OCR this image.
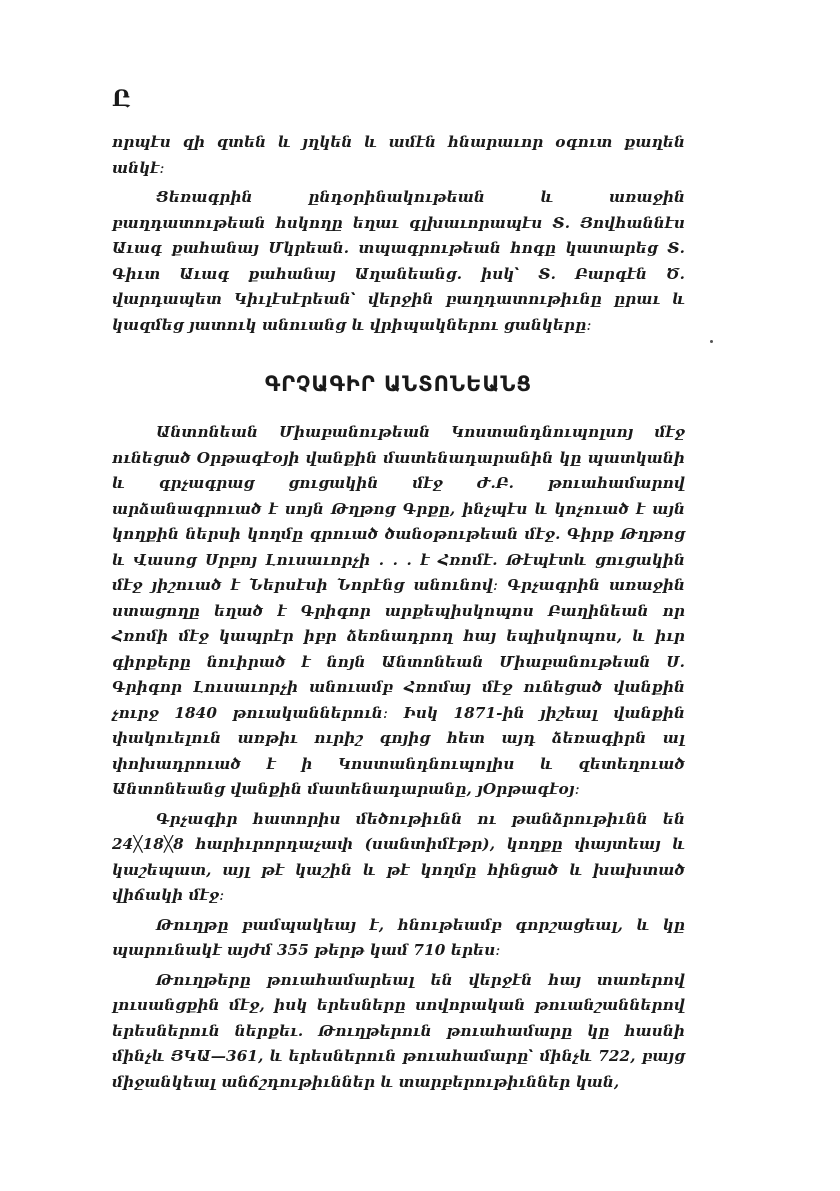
Ը

որպէս զի զտեն և յղկեն և ամէն հնարաւոր օգուտ քաղեն անկէ։

Ցեռագրին ընդօրինակութեան և առաջին բաղդատութեան հսկողը եղաւ գլխաւորապէս Տ. Յովհաննէս Աւագ քահանայ Մկրեան. տպագրութեան հոգը կատարեց Տ. Գիւտ Աւագ քահանայ Աղանեանց. իսկ՝ Տ. Բարգէն Ծ. վարդապետ Կիւլէսէրեան՝ վերջին բաղդատութիւնը ըրաւ և կազմեց յատուկ անուանց և վրիպակներու ցանկերը։

ԳՐՉԱԳԻՐ ԱՆՏՈՆԵԱՆՑ

Անտոնեան Միաբանութեան Կոստանդնուպոլսոյ մէջ ունեցած Օրթագէօյի վանքին մատենադարանին կը պատկանի և գրչագրաց ցուցակին մէջ Ժ.Բ. թուահամարով արձանագրուած է սոյն Թղթոց Գրքը, ինչպէս և կոչուած է այն կողքին ներսի կողմը գրուած ծանօթութեան մէջ. Գիրք Թղթոց և Վասոց Սրբոյ Լուսաւորչի . . . է Հռոմէ. Թէպէտև ցուցակին մէջ յիշուած է Ներսէսի Նորէնց անունով։ Գրչագրին առաջին ստացողը եղած է Գրիգոր արքեպիսկոպոս Բաղինեան որ Հռոմի մէջ կապրէր իբր ձեռնադրող հայ եպիսկոպոս, և իւր գիրքերը նուիրած է նոյն Անտոնեան Միաբանութեան Ս. Գրիգոր Լուսաւորչի անուամբ Հռոմայ մէջ ունեցած վանքին չուրջ 1840 թուականներուն։ Իսկ 1871-ին յիշեալ վանքին փակուելուն առթիւ ուրիշ գոյից հետ այդ ձեռագիրն ալ փոխադրուած է ի Կոստանդնուպոլիս և զետեղուած Անտոնեանց վանքին մատենադարանը, յՕրթագէօյ։

Գրչագիր հատորիս մեծութիւնն ու թանձրութիւնն են 24╳18╳8 հարիւրորդաչափ (սանտիմէթր), կողքը փայտեայ և կաշեպատ, այլ թէ կաշին և թէ կողմը հինցած և խախտած վիճակի մէջ։

Թուղթը բամպակեայ է, հնութեամբ գորշացեալ, և կը պարունակէ այժմ 355 թերթ կամ 710 երես։

Թուղթերը թուահամարեալ են վերջէն հայ տառերով լուսանցքին մէջ, իսկ երեսները սովորական թուանշաններով երեսներուն ներքեւ. Թուղթերուն թուահամարը կը հասնի մինչև ՅԿԱ—361, և երեսներուն թուահամարը՝ մինչև 722, բայց միջանկեալ անճշդութիւններ և տարբերութիւններ կան,
